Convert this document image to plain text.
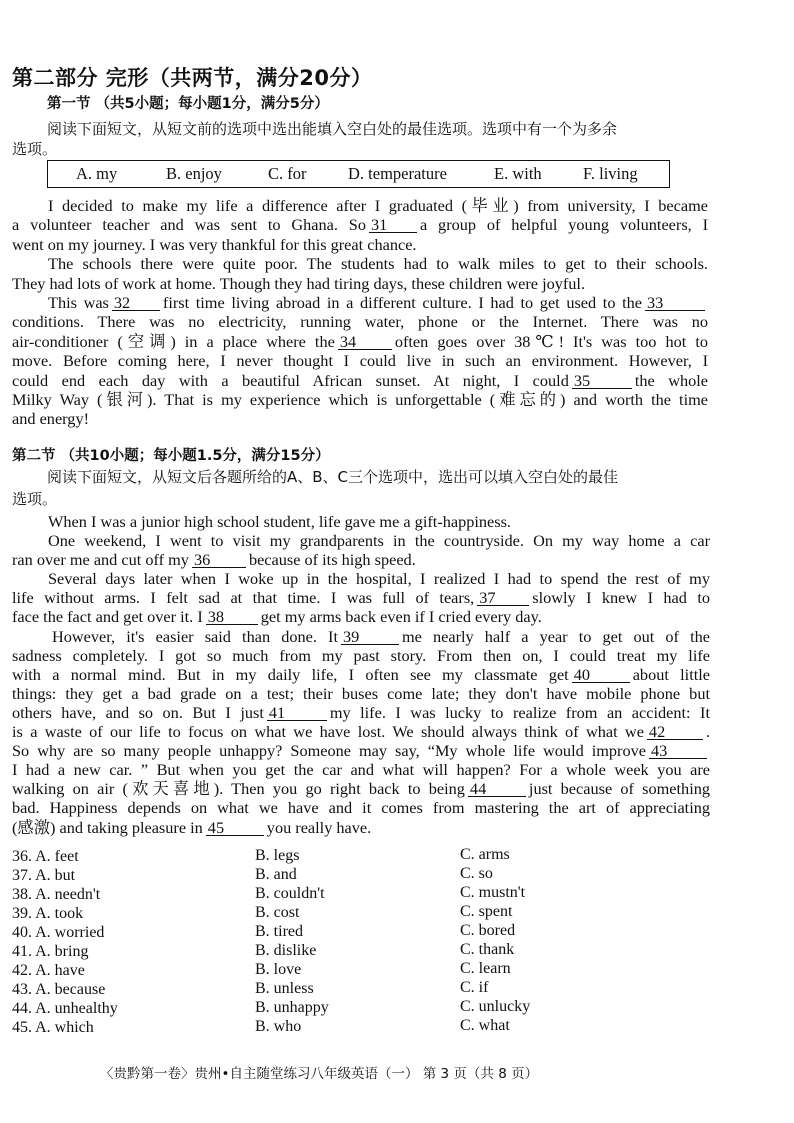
第二部分 完形（共两节，满分20分）
第一节 （共5小题；每小题1分，满分5分）
阅读下面短文，从短文前的选项中选出能填入空白处的最佳选项。选项中有一个为多余
选项。
A. my	B. enjoy	C. for	D. temperature	E. with	F. living
I decided to make my life a difference after I graduated (毕业) from university, I became
a volunteer teacher and was sent to Ghana. So 31 a group of helpful young volunteers, I
went on my journey. I was very thankful for this great chance.
The schools there were quite poor. The students had to walk miles to get to their schools.
They had lots of work at home. Though they had tiring days, these children were joyful.
This was 32 first time living abroad in a different culture. I had to get used to the 33
conditions. There was no electricity, running water, phone or the Internet. There was no
air-conditioner (空调) in a place where the 34 often goes over 38℃! It's was too hot to
move. Before coming here, I never thought I could live in such an environment. However, I
could end each day with a beautiful African sunset. At night, I could 35	the whole
Milky Way (银河). That is my experience which is unforgettable (难忘的) and worth the time
and energy!
第二节 （共10小题；每小题1.5分，满分15分）
阅读下面短文，从短文后各题所给的A、B、C三个选项中，选出可以填入空白处的最佳
选项。
When I was a junior high school student, life gave me a gift-happiness.
One weekend, I went to visit my grandparents in the countryside. On my way home a car
ran over me and cut off my 36 because of its high speed.
Several days later when I woke up in the hospital, I realized I had to spend the rest of my
life without arms. I felt sad at that time. I was full of tears, 37 slowly I knew I had to
face the fact and get over it. I 38 get my arms back even if I cried every day.
However, it's easier said than done. It 39	me nearly half a year to get out of the
sadness completely. I got so much from my past story. From then on, I could treat my life
with a normal mind. But in my daily life, I often see my classmate get 40	about little
things: they get a bad grade on a test; their buses come late; they don't have mobile phone but
others have, and so on. But I just 41	my life. I was lucky to realize from an accident: It
is a waste of our life to focus on what we have lost. We should always think of what we 42 .
So why are so many people unhappy? Someone may say, “My whole life would improve 43
I had a new car. ” But when you get the car and what will happen? For a whole week you are
walking on air (欢天喜地). Then you go right back to being 44	just because of something
bad. Happiness depends on what we have and it comes from mastering the art of appreciating
(感激) and taking pleasure in 45	you really have.
36. A. feet	B. legs	C. arms
37. A. but	B. and	C. so
38. A. needn't	B. couldn't	C. mustn't
39. A. took	B. cost	C. spent
40. A. worried	B. tired	C. bored
41. A. bring	B. dislike	C. thank
42. A. have	B. love	C. learn
43. A. because	B. unless	C. if
44. A. unhealthy	B. unhappy	C. unlucky
45. A. which	B. who	C. what
〈贵黔第一卷〉贵州•自主随堂练习八年级英语（一） 第 3 页（共 8 页）
